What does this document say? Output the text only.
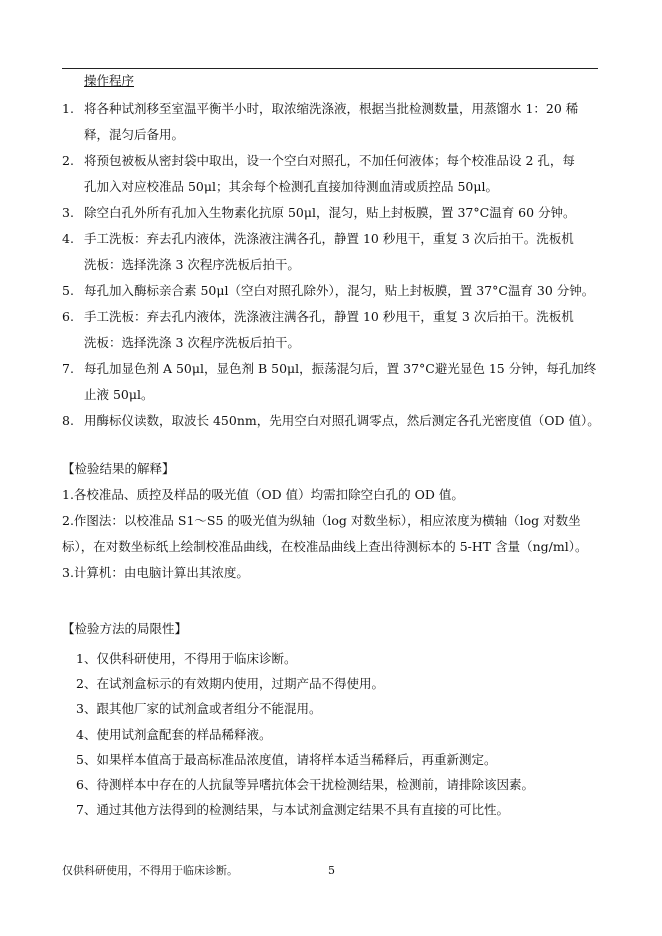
操作程序
1. 将各种试剂移至室温平衡半小时，取浓缩洗涤液，根据当批检测数量，用蒸馏水 1：20 稀
释，混匀后备用。
2. 将预包被板从密封袋中取出，设一个空白对照孔，不加任何液体；每个校准品设 2 孔，每
孔加入对应校准品 50μl；其余每个检测孔直接加待测血清或质控品 50μl。
3. 除空白孔外所有孔加入生物素化抗原 50μl，混匀，贴上封板膜，置 37°C温育 60 分钟。
4. 手工洗板：弃去孔内液体，洗涤液注满各孔，静置 10 秒甩干，重复 3 次后拍干。洗板机
洗板：选择洗涤 3 次程序洗板后拍干。
5. 每孔加入酶标亲合素 50μl（空白对照孔除外），混匀，贴上封板膜，置 37°C温育 30 分钟。
6. 手工洗板：弃去孔内液体，洗涤液注满各孔，静置 10 秒甩干，重复 3 次后拍干。洗板机
洗板：选择洗涤 3 次程序洗板后拍干。
7. 每孔加显色剂 A 50μl，显色剂 B 50μl，振荡混匀后，置 37°C避光显色 15 分钟，每孔加终
止液 50μl。
8. 用酶标仪读数，取波长 450nm，先用空白对照孔调零点，然后测定各孔光密度值（OD 值）。
【检验结果的解释】
1.各校准品、质控及样品的吸光值（OD 值）均需扣除空白孔的 OD 值。
2.作图法：以校准品 S1～S5 的吸光值为纵轴（log 对数坐标），相应浓度为横轴（log 对数坐
标），在对数坐标纸上绘制校准品曲线，在校准品曲线上查出待测标本的 5-HT 含量（ng/ml）。
3.计算机：由电脑计算出其浓度。
【检验方法的局限性】
1、仅供科研使用，不得用于临床诊断。
2、在试剂盒标示的有效期内使用，过期产品不得使用。
3、跟其他厂家的试剂盒或者组分不能混用。
4、使用试剂盒配套的样品稀释液。
5、如果样本值高于最高标准品浓度值，请将样本适当稀释后，再重新测定。
6、待测样本中存在的人抗鼠等异嗜抗体会干扰检测结果，检测前，请排除该因素。
7、通过其他方法得到的检测结果，与本试剂盒测定结果不具有直接的可比性。
仅供科研使用，不得用于临床诊断。	5
